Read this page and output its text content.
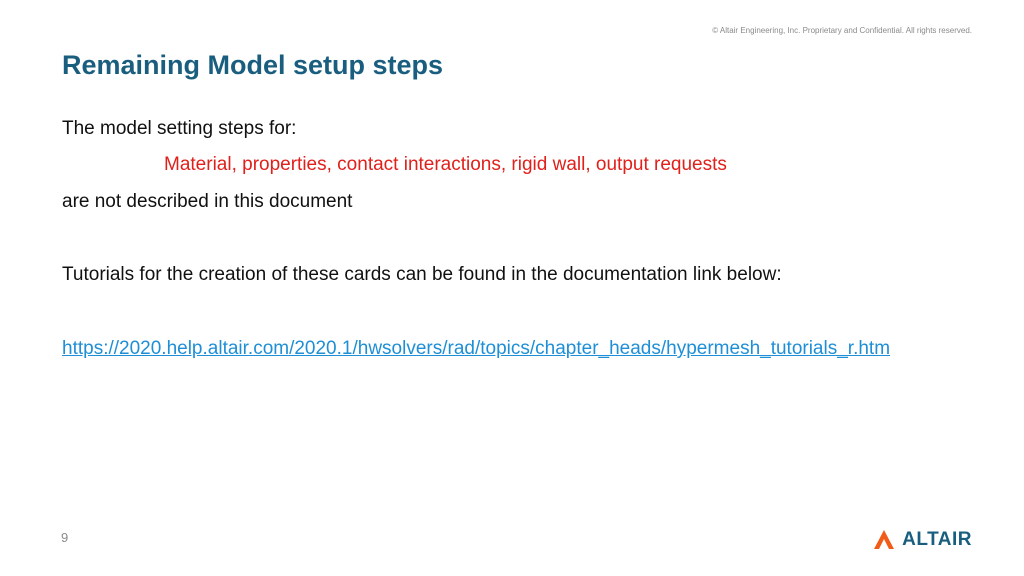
© Altair Engineering, Inc. Proprietary and Confidential. All rights reserved.
Remaining Model setup steps
The model setting steps for:
Material, properties, contact interactions, rigid wall, output requests
are not described in this document
Tutorials for the creation of these cards can be found in the documentation link below:
https://2020.help.altair.com/2020.1/hwsolvers/rad/topics/chapter_heads/hypermesh_tutorials_r.htm
9	ALTAIR
